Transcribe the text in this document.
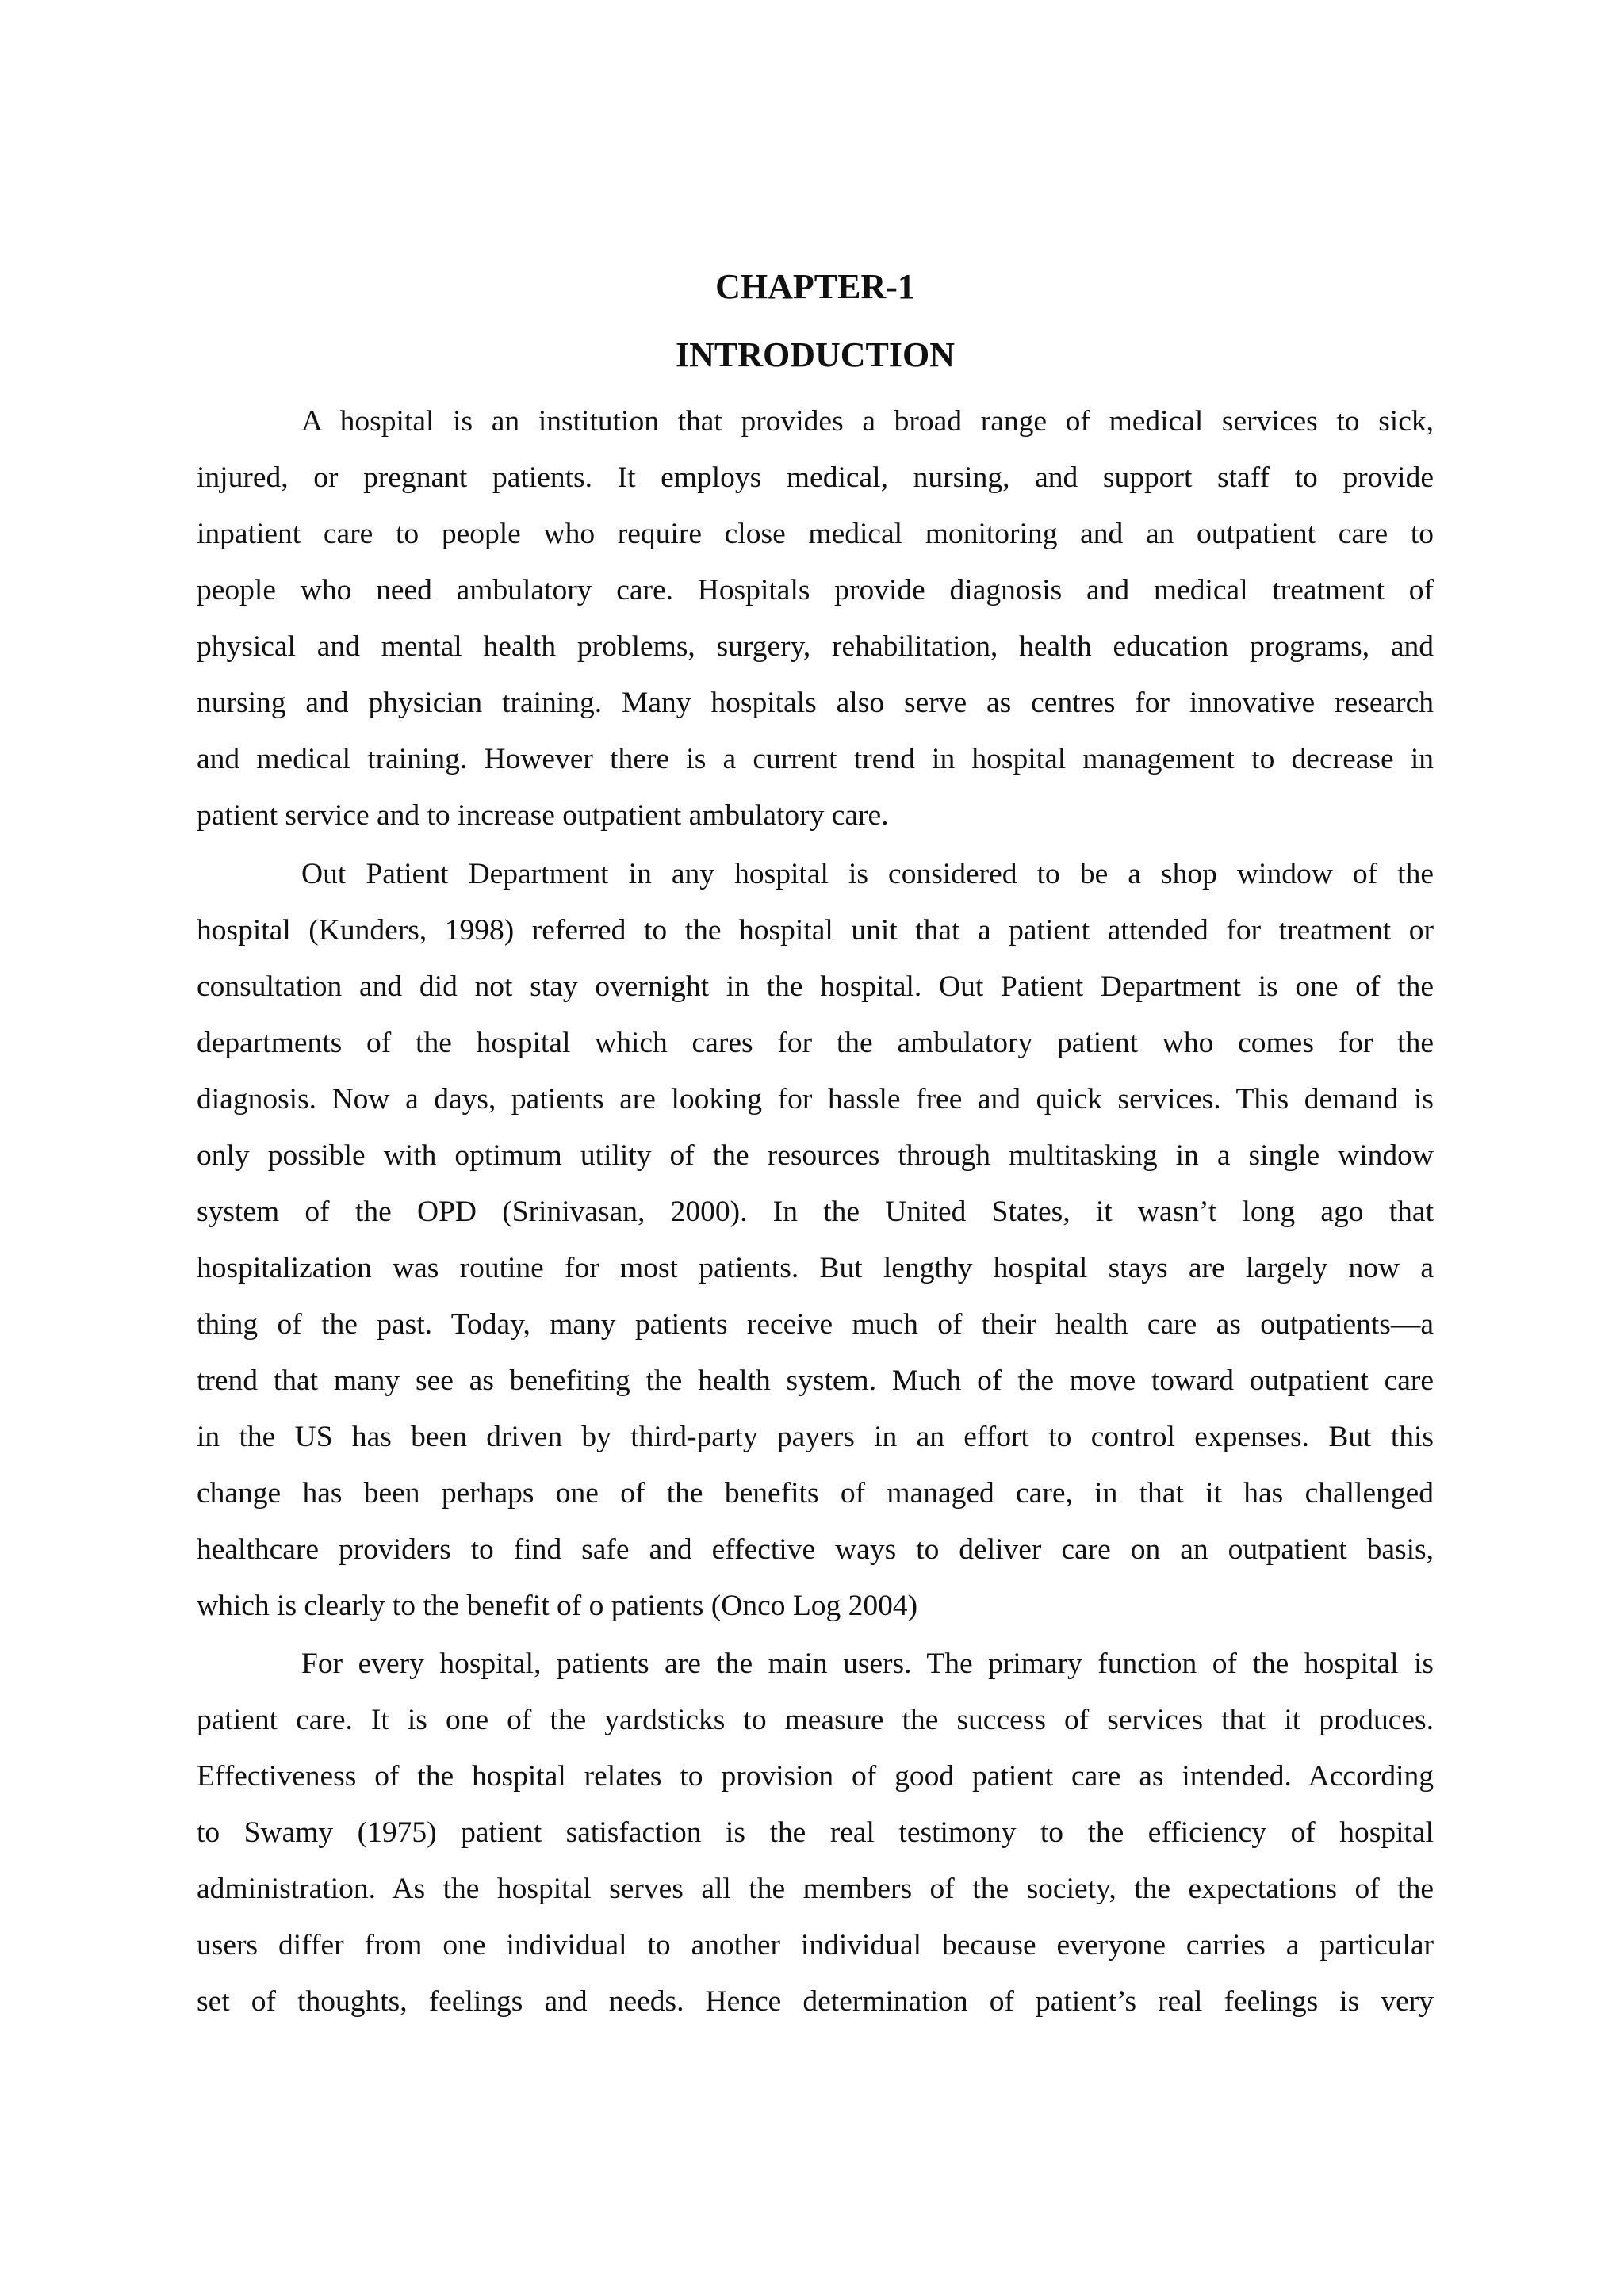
CHAPTER-1
INTRODUCTION

A hospital is an institution that provides a broad range of medical services to sick,

injured, or pregnant patients. It employs medical, nursing, and support staff to provide

inpatient care to people who require close medical monitoring and an outpatient care to

people who need ambulatory care. Hospitals provide diagnosis and medical treatment of

physical and mental health problems, surgery, rehabilitation, health education programs, and

nursing and physician training. Many hospitals also serve as centres for innovative research

and medical training. However there is a current trend in hospital management to decrease in

patient service and to increase outpatient ambulatory care.

Out Patient Department in any hospital is considered to be a shop window of the

hospital (Kunders, 1998) referred to the hospital unit that a patient attended for treatment or

consultation and did not stay overnight in the hospital. Out Patient Department is one of the

departments of the hospital which cares for the ambulatory patient who comes for the

diagnosis. Now a days, patients are looking for hassle free and quick services. This demand is

only possible with optimum utility of the resources through multitasking in a single window

system of the OPD (Srinivasan, 2000). In the United States, it wasn’t long ago that

hospitalization was routine for most patients. But lengthy hospital stays are largely now a

thing of the past. Today, many patients receive much of their health care as outpatients—a

trend that many see as benefiting the health system. Much of the move toward outpatient care

in the US has been driven by third-party payers in an effort to control expenses. But this

change has been perhaps one of the benefits of managed care, in that it has challenged

healthcare providers to find safe and effective ways to deliver care on an outpatient basis,

which is clearly to the benefit of o patients (Onco Log 2004)

For every hospital, patients are the main users. The primary function of the hospital is

patient care. It is one of the yardsticks to measure the success of services that it produces.

Effectiveness of the hospital relates to provision of good patient care as intended. According

to Swamy (1975) patient satisfaction is the real testimony to the efficiency of hospital

administration. As the hospital serves all the members of the society, the expectations of the

users differ from one individual to another individual because everyone carries a particular

set of thoughts, feelings and needs. Hence determination of patient’s real feelings is very
